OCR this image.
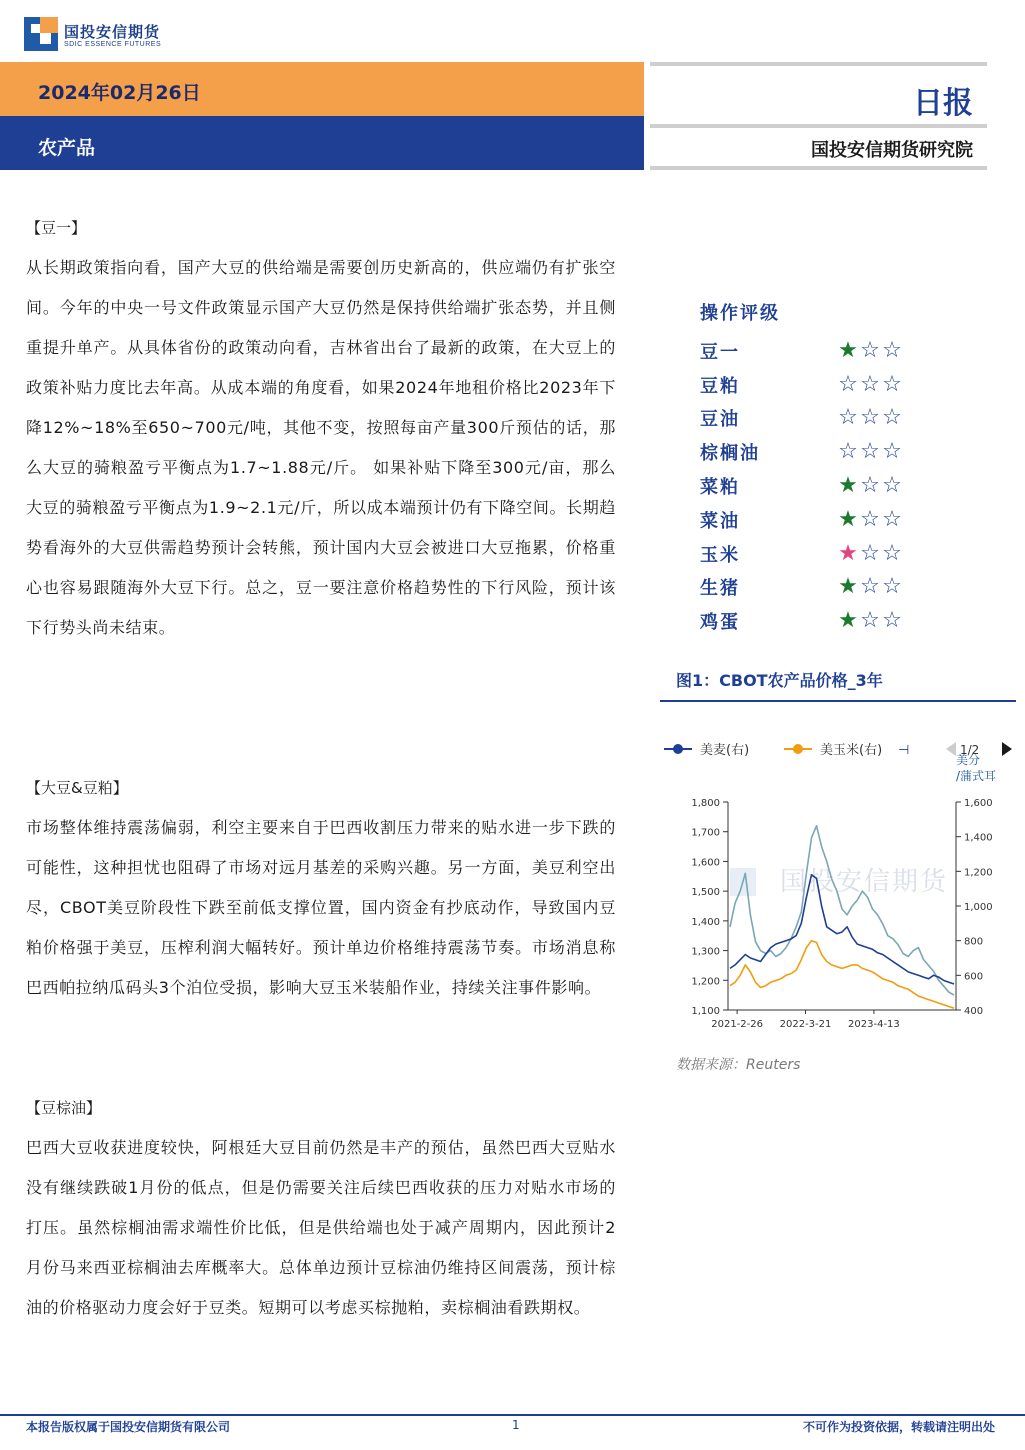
国投安信期货
SDIC ESSENCE FUTURES
2024年02月26日
农产品
日报
国投安信期货研究院
【豆一】
从长期政策指向看，国产大豆的供给端是需要创历史新高的，供应端仍有扩张空间。今年的中央一号文件政策显示国产大豆仍然是保持供给端扩张态势，并且侧重提升单产。从具体省份的政策动向看，吉林省出台了最新的政策，在大豆上的政策补贴力度比去年高。从成本端的角度看，如果2024年地租价格比2023年下降12%~18%至650~700元/吨，其他不变，按照每亩产量300斤预估的话，那么大豆的骑粮盈亏平衡点为1.7~1.88元/斤。 如果补贴下降至300元/亩，那么大豆的骑粮盈亏平衡点为1.9~2.1元/斤，所以成本端预计仍有下降空间。长期趋势看海外的大豆供需趋势预计会转熊，预计国内大豆会被进口大豆拖累，价格重心也容易跟随海外大豆下行。总之，豆一要注意价格趋势性的下行风险，预计该下行势头尚未结束。
【大豆&豆粕】
市场整体维持震荡偏弱，利空主要来自于巴西收割压力带来的贴水进一步下跌的可能性，这种担忧也阻碍了市场对远月基差的采购兴趣。另一方面，美豆利空出尽，CBOT美豆阶段性下跌至前低支撑位置，国内资金有抄底动作，导致国内豆粕价格强于美豆，压榨利润大幅转好。预计单边价格维持震荡节奏。市场消息称巴西帕拉纳瓜码头3个泊位受损，影响大豆玉米装船作业，持续关注事件影响。
【豆棕油】
巴西大豆收获进度较快，阿根廷大豆目前仍然是丰产的预估，虽然巴西大豆贴水没有继续跌破1月份的低点，但是仍需要关注后续巴西收获的压力对贴水市场的打压。虽然棕榈油需求端性价比低，但是供给端也处于减产周期内，因此预计2月份马来西亚棕榈油去库概率大。总体单边预计豆棕油仍维持区间震荡，预计棕油的价格驱动力度会好于豆类。短期可以考虑买棕抛粕，卖棕榈油看跌期权。
操作评级
豆一	★ ☆ ☆
豆粕	☆ ☆ ☆
豆油	☆ ☆ ☆
棕榈油	☆ ☆ ☆
菜粕	★ ☆ ☆
菜油	★ ☆ ☆
玉米	★ ☆ ☆
生猪	★ ☆ ☆
鸡蛋	★ ☆ ☆
图1：CBOT农产品价格_3年
美麦(右)	美玉米(右) ⊣	1/2
美分
/蒲式耳
国投安信期货
1,100
1,200
1,300
1,400
1,500
1,600
1,700
1,800
400
600
800
1,000
1,200
1,400
1,600
2021-2-26 2022-3-21 2023-4-13
数据来源：Reuters
本报告版权属于国投安信期货有限公司	1	不可作为投资依据，转载请注明出处
